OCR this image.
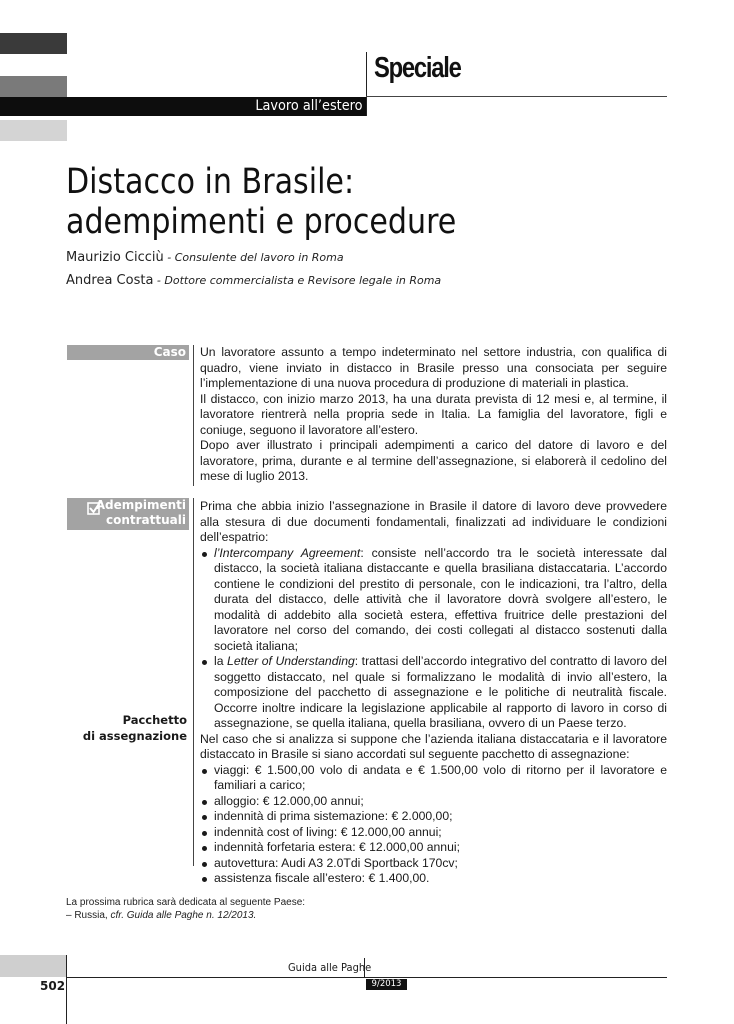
Speciale
Lavoro all’estero
Distacco in Brasile:
adempimenti e procedure
Maurizio Cicciù - Consulente del lavoro in Roma
Andrea Costa - Dottore commercialista e Revisore legale in Roma
Caso Un lavoratore assunto a tempo indeterminato nel settore industria, con qualifica di quadro, viene inviato in distacco in Brasile presso una consociata per seguire l’implementazione di una nuova procedura di produzione di materiali in plastica.

Il distacco, con inizio marzo 2013, ha una durata prevista di 12 mesi e, al termine, il lavoratore rientrerà nella propria sede in Italia. La famiglia del lavoratore, figli e coniuge, seguono il lavoratore all’estero.

Dopo aver illustrato i principali adempimenti a carico del datore di lavoro e del lavoratore, prima, durante e al termine dell’assegnazione, si elaborerà il cedolino del mese di luglio 2013.

Adempimenti
contrattuali

Prima che abbia inizio l’assegnazione in Brasile il datore di lavoro deve provvedere alla stesura di due documenti fondamentali, finalizzati ad individuare le condizioni dell’espatrio:

l’Intercompany Agreement: consiste nell’accordo tra le società interessate dal distacco, la società italiana distaccante e quella brasiliana distaccataria. L’accordo contiene le condizioni del prestito di personale, con le indicazioni, tra l’altro, della durata del distacco, delle attività che il lavoratore dovrà svolgere all’estero, le modalità di addebito alla società estera, effettiva fruitrice delle prestazioni del lavoratore nel corso del comando, dei costi collegati al distacco sostenuti dalla società italiana;
la Letter of Understanding: trattasi dell’accordo integrativo del contratto di lavoro del soggetto distaccato, nel quale si formalizzano le modalità di invio all’estero, la composizione del pacchetto di assegnazione e le politiche di neutralità fiscale. Occorre inoltre indicare la legislazione applicabile al rapporto di lavoro in corso di assegnazione, se quella italiana, quella brasiliana, ovvero di un Paese terzo.

Nel caso che si analizza si suppone che l’azienda italiana distaccataria e il lavoratore distaccato in Brasile si siano accordati sul seguente pacchetto di assegnazione:

viaggi: € 1.500,00 volo di andata e € 1.500,00 volo di ritorno per il lavoratore e familiari a carico;
alloggio: € 12.000,00 annui;
indennità di prima sistemazione: € 2.000,00;
indennità cost of living: € 12.000,00 annui;
indennità forfetaria estera: € 12.000,00 annui;
autovettura: Audi A3 2.0Tdi Sportback 170cv;
assistenza fiscale all’estero: € 1.400,00.
Pacchetto
di assegnazione
La prossima rubrica sarà dedicata al seguente Paese:
– Russia, cfr. Guida alle Paghe n. 12/2013.
Guida alle Paghe
9/2013
502
